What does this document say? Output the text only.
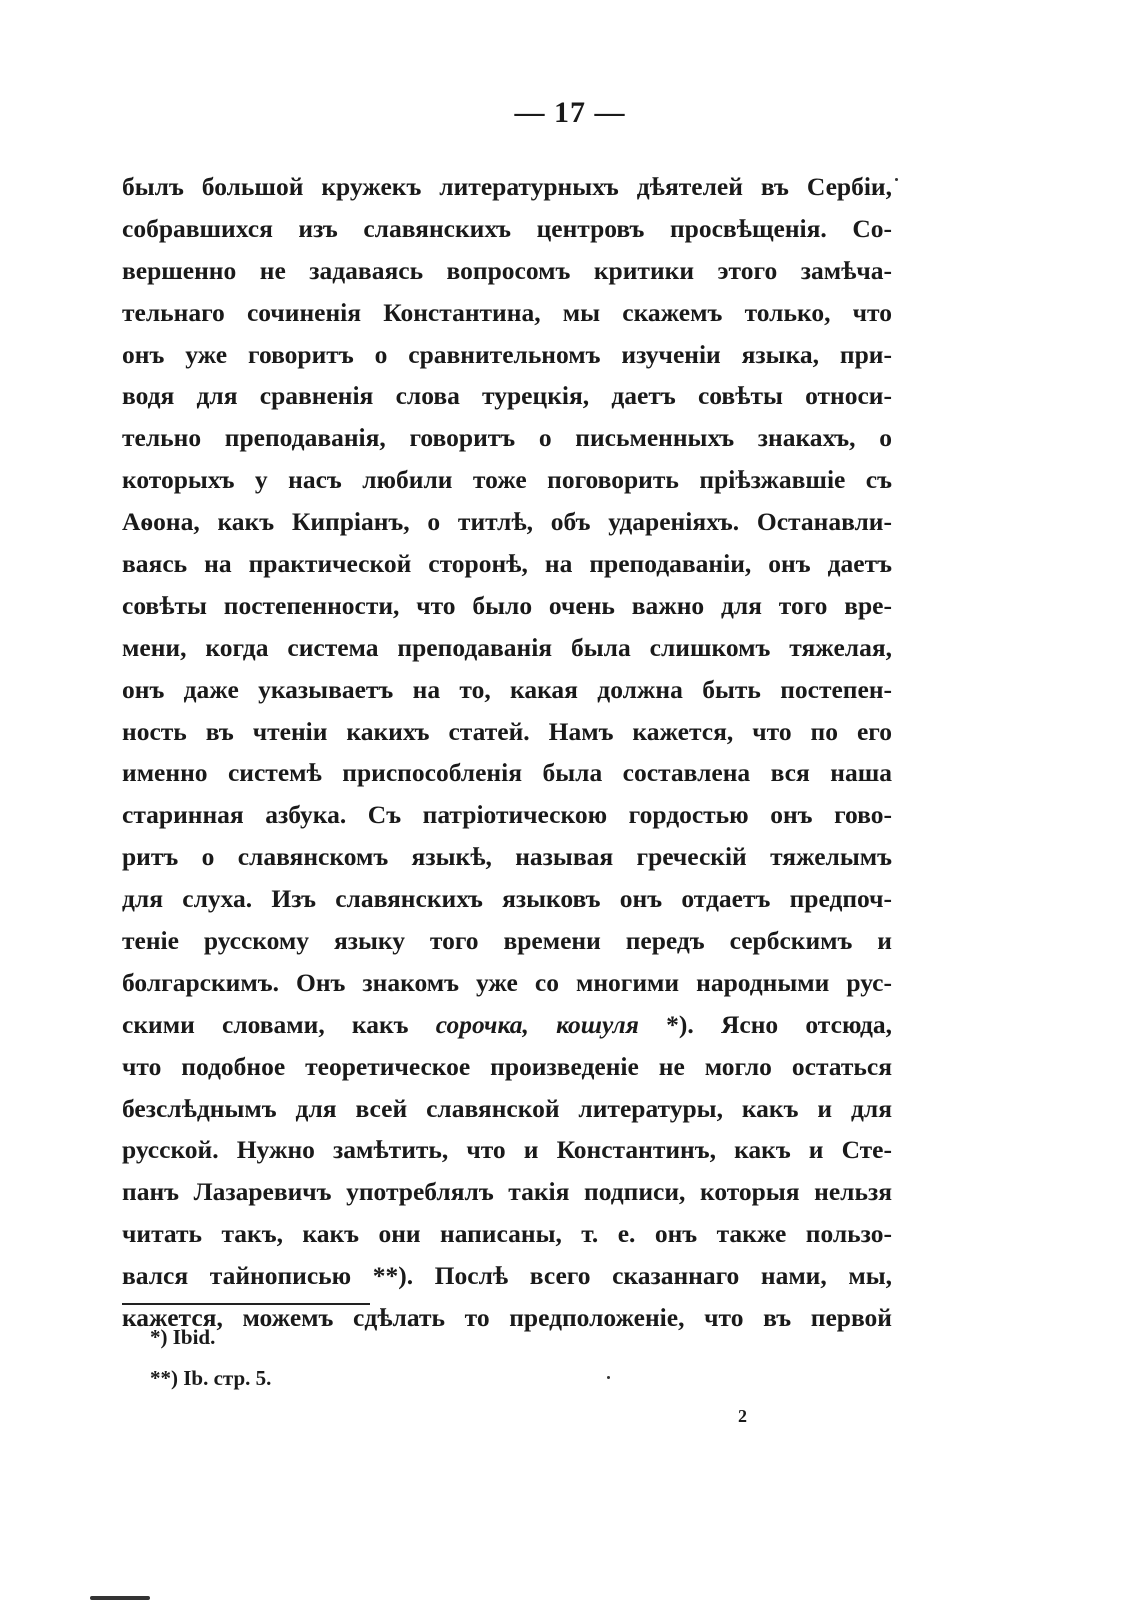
— 17 —
былъ большой кружекъ литературныхъ дѣятелей въ Сербіи,
собравшихся изъ славянскихъ центровъ просвѣщенія. Со-
вершенно не задаваясь вопросомъ критики этого замѣча-
тельнаго сочиненія Константина, мы скажемъ только, что
онъ уже говоритъ о сравнительномъ изученіи языка, при-
водя для сравненія слова турецкія, даетъ совѣты относи-
тельно преподаванія, говоритъ о письменныхъ знакахъ, о
которыхъ у насъ любили тоже поговорить пріѣзжавшіе съ
Аѳона, какъ Кипріанъ, о титлѣ, объ удареніяхъ. Останавли-
ваясь на практической сторонѣ, на преподаваніи, онъ даетъ
совѣты постепенности, что было очень важно для того вре-
мени, когда система преподаванія была слишкомъ тяжелая,
онъ даже указываетъ на то, какая должна быть постепен-
ность въ чтеніи какихъ статей. Намъ кажется, что по его
именно системѣ приспособленія была составлена вся наша
старинная азбука. Съ патріотическою гордостью онъ гово-
ритъ о славянскомъ языкѣ, называя греческій тяжелымъ
для слуха. Изъ славянскихъ языковъ онъ отдаетъ предпоч-
теніе русскому языку того времени передъ сербскимъ и
болгарскимъ. Онъ знакомъ уже со многими народными рус-
скими словами, какъ сорочка, кошуля *). Ясно отсюда,
что подобное теоретическое произведеніе не могло остаться
безслѣднымъ для всей славянской литературы, какъ и для
русской. Нужно замѣтить, что и Константинъ, какъ и Сте-
панъ Лазаревичъ употреблялъ такія подписи, которыя нельзя
читать такъ, какъ они написаны, т. е. онъ также пользо-
вался тайнописью **). Послѣ всего сказаннаго нами, мы,
кажется, можемъ сдѣлать то предположеніе, что въ первой
*) Ibid.
**) Ib. стр. 5.
2
